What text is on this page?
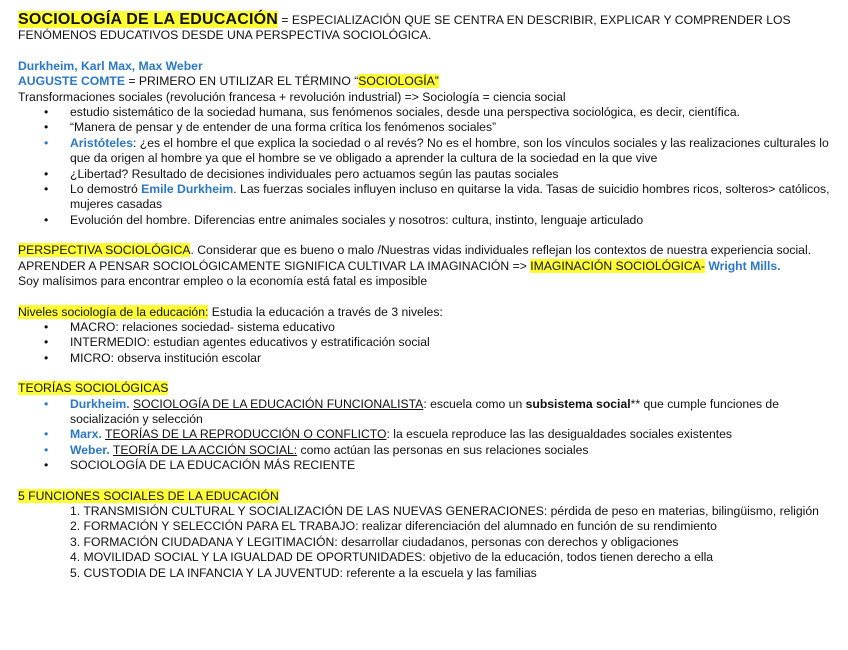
SOCIOLOGÍA DE LA EDUCACIÓN = ESPECIALIZACIÓN QUE SE CENTRA EN DESCRIBIR, EXPLICAR Y COMPRENDER LOS FENÓMENOS EDUCATIVOS DESDE UNA PERSPECTIVA SOCIOLÓGICA.

Durkheim, Karl Max, Max Weber

AUGUSTE COMTE = PRIMERO EN UTILIZAR EL TÉRMINO “SOCIOLOGÍA”

Transformaciones sociales (revolución francesa + revolución industrial) => Sociología = ciencia social

• estudio sistemático de la sociedad humana, sus fenómenos sociales, desde una perspectiva sociológica, es decir, científica.
• “Manera de pensar y de entender de una forma crítica los fenómenos sociales”
• Aristóteles: ¿es el hombre el que explica la sociedad o al revés? No es el hombre, son los vínculos sociales y las realizaciones culturales lo que da origen al hombre ya que el hombre se ve obligado a aprender la cultura de la sociedad en la que vive
• ¿Libertad? Resultado de decisiones individuales pero actuamos según las pautas sociales
• Lo demostró Emile Durkheim. Las fuerzas sociales influyen incluso en quitarse la vida. Tasas de suicidio hombres ricos, solteros> católicos, mujeres casadas
• Evolución del hombre. Diferencias entre animales sociales y nosotros: cultura, instinto, lenguaje articulado

PERSPECTIVA SOCIOLÓGICA. Considerar que es bueno o malo /Nuestras vidas individuales reflejan los contextos de nuestra experiencia social.

APRENDER A PENSAR SOCIOLÓGICAMENTE SIGNIFICA CULTIVAR LA IMAGINACIÓN => IMAGINACIÓN SOCIOLÓGICA- Wright Mills.

Soy malísimos para encontrar empleo o la economía está fatal es imposible

Niveles sociología de la educación: Estudia la educación a través de 3 niveles:

• MACRO: relaciones sociedad- sistema educativo
• INTERMEDIO: estudian agentes educativos y estratificación social
• MICRO: observa institución escolar

TEORÍAS SOCIOLÓGICAS

• Durkheim. SOCIOLOGÍA DE LA EDUCACIÓN FUNCIONALISTA: escuela como un subsistema social** que cumple funciones de socialización y selección
• Marx. TEORÍAS DE LA REPRODUCCIÓN O CONFLICTO: la escuela reproduce las las desigualdades sociales existentes
• Weber. TEORÍA DE LA ACCIÓN SOCIAL: como actúan las personas en sus relaciones sociales
• SOCIOLOGÍA DE LA EDUCACIÓN MÁS RECIENTE

5 FUNCIONES SOCIALES DE LA EDUCACIÓN

1. TRANSMISIÓN CULTURAL Y SOCIALIZACIÓN DE LAS NUEVAS GENERACIONES: pérdida de peso en materias, bilingüismo, religión
2. FORMACIÓN Y SELECCIÓN PARA EL TRABAJO: realizar diferenciación del alumnado en función de su rendimiento
3. FORMACIÓN CIUDADANA Y LEGITIMACIÓN: desarrollar ciudadanos, personas con derechos y obligaciones
4. MOVILIDAD SOCIAL Y LA IGUALDAD DE OPORTUNIDADES: objetivo de la educación, todos tienen derecho a ella
5. CUSTODIA DE LA INFANCIA Y LA JUVENTUD: referente a la escuela y las familias
